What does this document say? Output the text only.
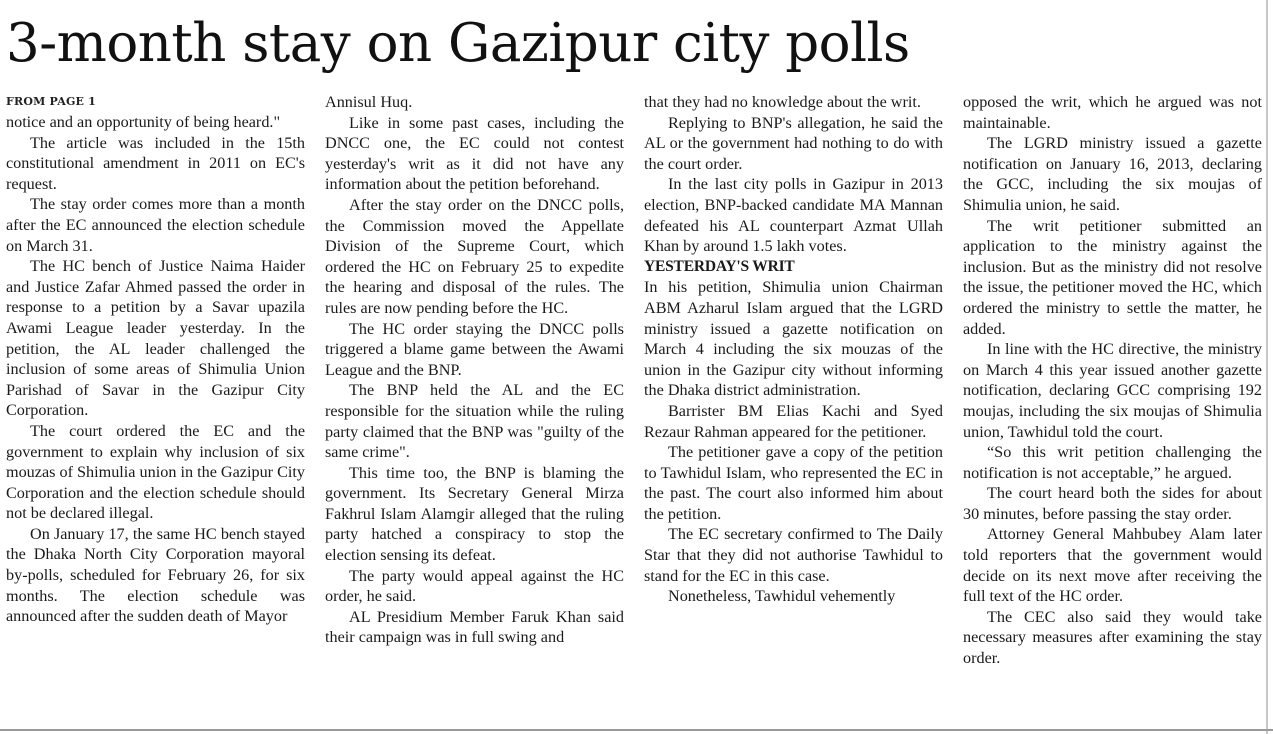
3-month stay on Gazipur city polls
FROM PAGE 1

notice and an opportunity of being heard."

The article was included in the 15th constitutional amendment in 2011 on EC's request.

The stay order comes more than a month after the EC announced the election schedule on March 31.

The HC bench of Justice Naima Haider and Justice Zafar Ahmed passed the order in response to a petition by a Savar upazila Awami League leader yesterday. In the petition, the AL leader challenged the inclusion of some areas of Shimulia Union Parishad of Savar in the Gazipur City Corporation.

The court ordered the EC and the government to explain why inclusion of six mouzas of Shimulia union in the Gazipur City Corporation and the election schedule should not be declared illegal.

On January 17, the same HC bench stayed the Dhaka North City Corporation mayoral by-polls, scheduled for February 26, for six months. The election schedule was announced after the sudden death of Mayor

Annisul Huq.

Like in some past cases, including the DNCC one, the EC could not contest yesterday's writ as it did not have any information about the petition beforehand.

After the stay order on the DNCC polls, the Commission moved the Appellate Division of the Supreme Court, which ordered the HC on February 25 to expedite the hearing and disposal of the rules. The rules are now pending before the HC.

The HC order staying the DNCC polls triggered a blame game between the Awami League and the BNP.

The BNP held the AL and the EC responsible for the situation while the ruling party claimed that the BNP was "guilty of the same crime".

This time too, the BNP is blaming the government. Its Secretary General Mirza Fakhrul Islam Alamgir alleged that the ruling party hatched a conspiracy to stop the election sensing its defeat.

The party would appeal against the HC order, he said.

AL Presidium Member Faruk Khan said their campaign was in full swing and

that they had no knowledge about the writ.

Replying to BNP's allegation, he said the AL or the government had nothing to do with the court order.

In the last city polls in Gazipur in 2013 election, BNP-backed candidate MA Mannan defeated his AL counterpart Azmat Ullah Khan by around 1.5 lakh votes.

YESTERDAY'S WRIT

In his petition, Shimulia union Chairman ABM Azharul Islam argued that the LGRD ministry issued a gazette notification on March 4 including the six mouzas of the union in the Gazipur city without informing the Dhaka district administration.

Barrister BM Elias Kachi and Syed Rezaur Rahman appeared for the petitioner.

The petitioner gave a copy of the petition to Tawhidul Islam, who represented the EC in the past. The court also informed him about the petition.

The EC secretary confirmed to The Daily Star that they did not authorise Tawhidul to stand for the EC in this case.

Nonetheless, Tawhidul vehemently

opposed the writ, which he argued was not maintainable.

The LGRD ministry issued a gazette notification on January 16, 2013, declaring the GCC, including the six moujas of Shimulia union, he said.

The writ petitioner submitted an application to the ministry against the inclusion. But as the ministry did not resolve the issue, the petitioner moved the HC, which ordered the ministry to settle the matter, he added.

In line with the HC directive, the ministry on March 4 this year issued another gazette notification, declaring GCC comprising 192 moujas, including the six moujas of Shimulia union, Tawhidul told the court.

“So this writ petition challenging the notification is not acceptable,” he argued.

The court heard both the sides for about 30 minutes, before passing the stay order.

Attorney General Mahbubey Alam later told reporters that the government would decide on its next move after receiving the full text of the HC order.

The CEC also said they would take necessary measures after examining the stay order.
